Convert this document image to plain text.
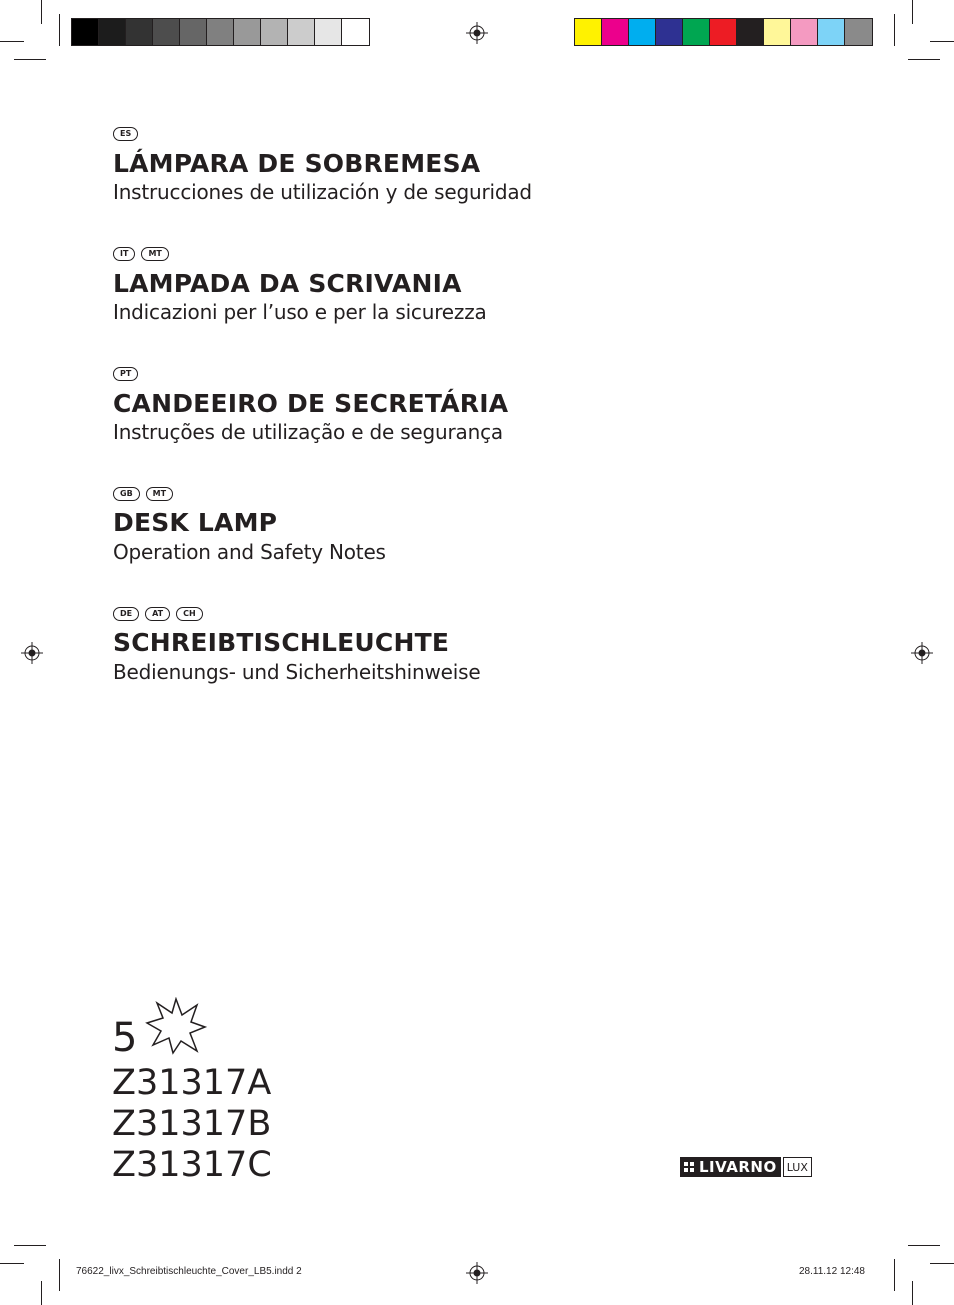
ES
LÁMPARA DE SOBREMESA
Instrucciones de utilización y de seguridad
IT	MT
LAMPADA DA SCRIVANIA
Indicazioni per l’uso e per la sicurezza
PT
CANDEEIRO DE SECRETÁRIA
Instruções de utilização e de segurança
GB	MT
DESK LAMP
Operation and Safety Notes
DE	AT	CH
SCHREIBTISCHLEUCHTE
Bedienungs- und Sicherheitshinweise
5
Z31317A
Z31317B
Z31317C	LIVARNO LUX
76622_livx_Schreibtischleuchte_Cover_LB5.indd 2	28.11.12 12:48
